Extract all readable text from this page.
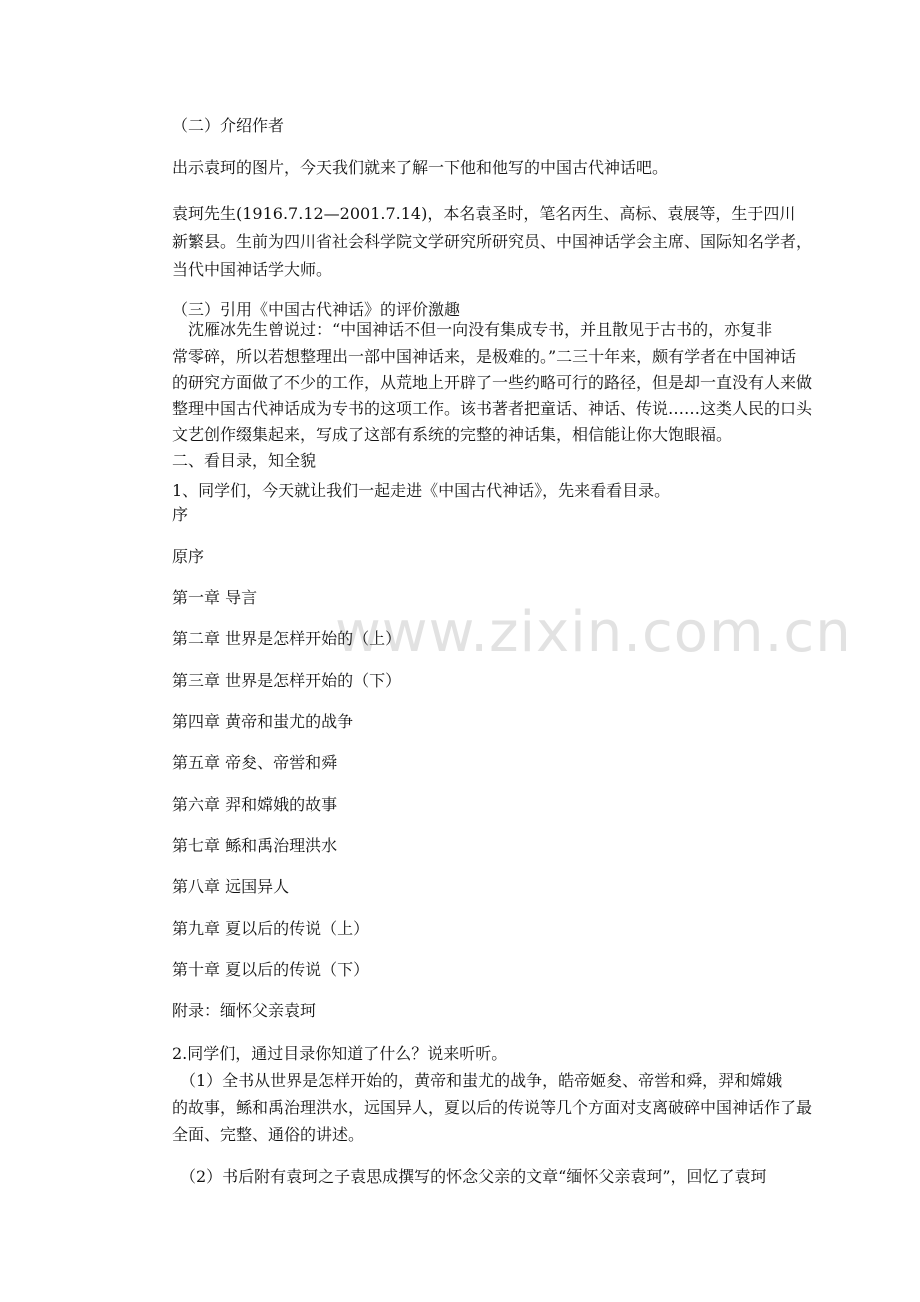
www.zixin.com.cn
（二）介绍作者
出示袁珂的图片，今天我们就来了解一下他和他写的中国古代神话吧。
袁珂先生(1916.7.12—2001.7.14)，本名袁圣时，笔名丙生、高标、袁展等，生于四川
新繁县。生前为四川省社会科学院文学研究所研究员、中国神话学会主席、国际知名学者，
当代中国神话学大师。
（三）引用《中国古代神话》的评价激趣
沈雁冰先生曾说过：“中国神话不但一向没有集成专书，并且散见于古书的，亦复非
常零碎，所以若想整理出一部中国神话来，是极难的。”二三十年来，颇有学者在中国神话
的研究方面做了不少的工作，从荒地上开辟了一些约略可行的路径，但是却一直没有人来做
整理中国古代神话成为专书的这项工作。该书著者把童话、神话、传说……这类人民的口头
文艺创作缀集起来，写成了这部有系统的完整的神话集，相信能让你大饱眼福。
二、看目录，知全貌
1、同学们，今天就让我们一起走进《中国古代神话》，先来看看目录。
序
原序
第一章 导言
第二章 世界是怎样开始的（上）
第三章 世界是怎样开始的（下）
第四章 黄帝和蚩尤的战争
第五章 帝夋、帝喾和舜
第六章 羿和嫦娥的故事
第七章 鲧和禹治理洪水
第八章 远国异人
第九章 夏以后的传说（上）
第十章 夏以后的传说（下）
附录：缅怀父亲袁珂
2.同学们，通过目录你知道了什么？说来听听。
（1）全书从世界是怎样开始的，黄帝和蚩尤的战争，皓帝姬夋、帝喾和舜，羿和嫦娥
的故事，鲧和禹治理洪水，远国异人，夏以后的传说等几个方面对支离破碎中国神话作了最
全面、完整、通俗的讲述。
（2）书后附有袁珂之子袁思成撰写的怀念父亲的文章“缅怀父亲袁珂”，回忆了袁珂
